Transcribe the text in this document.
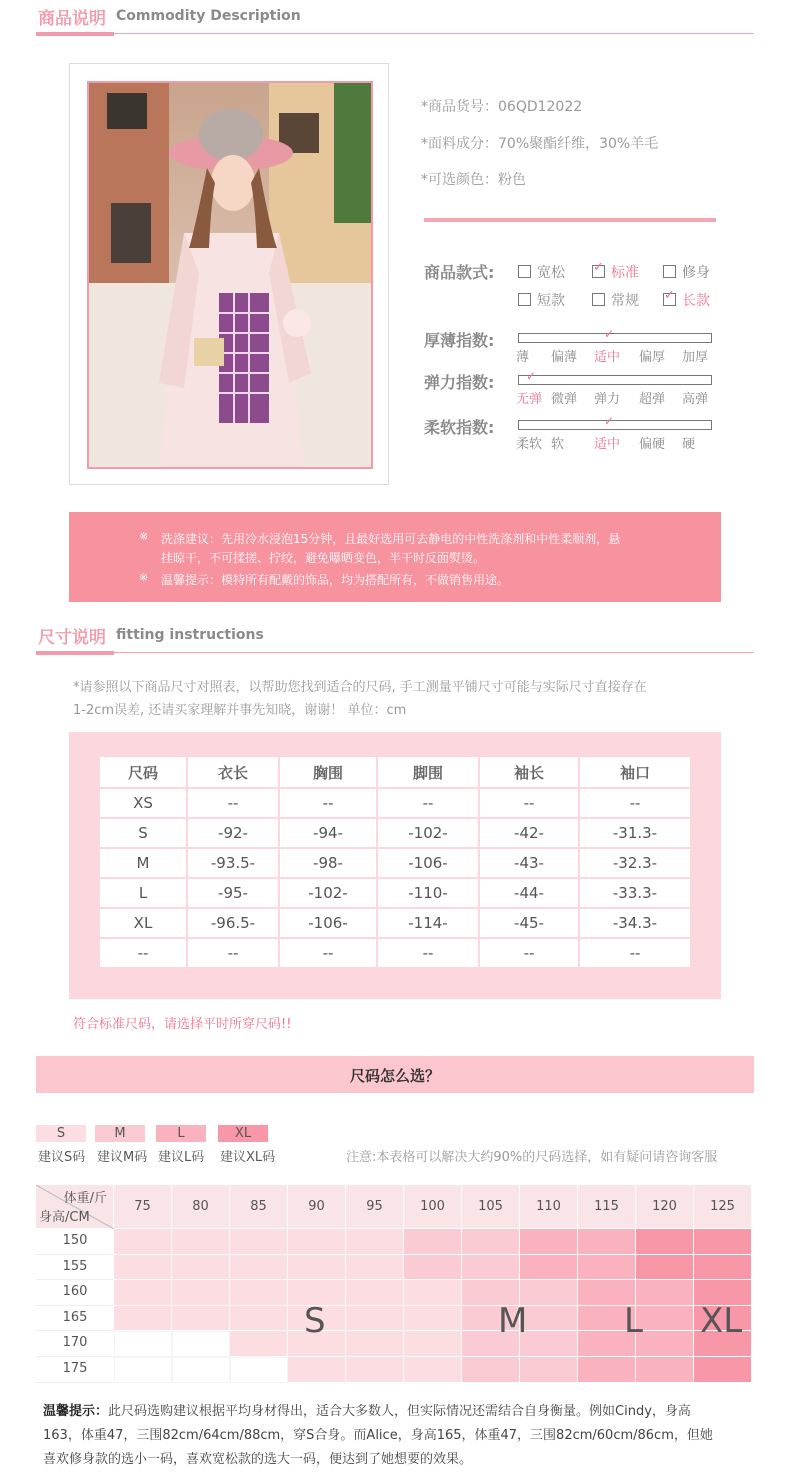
商品说明 Commodity Description
*商品货号：06QD12022
*面料成分：70%聚酯纤维，30%羊毛
*可选颜色：粉色
商品款式:	宽松 ✓	标准	修身
短款	常规 ✓	长款
厚薄指数:	✓
薄 偏薄 适中 偏厚 加厚
弹力指数:	✓
无弹 微弹 弹力 超弹 高弹
柔软指数:	✓
柔软 软 适中 偏硬 硬
※ 洗涤建议：先用冷水浸泡15分钟，且最好选用可去静电的中性洗涤剂和中性柔顺剂，悬
挂晾干，不可揉搓、拧绞，避免曝晒变色，半干时反面熨烫。
※ 温馨提示：模特所有配戴的饰品，均为搭配所有，不做销售用途。
尺寸说明 fitting instructions
*请参照以下商品尺寸对照表，以帮助您找到适合的尺码, 手工测量平铺尺寸可能与实际尺寸直接存在
1-2cm误差, 还请买家理解并事先知晓，谢谢！ 单位：cm
尺码	衣长	胸围	脚围	袖长	袖口
XS	--	--	--	--	--
S	-92-	-94-	-102-	-42-	-31.3-
M	-93.5-	-98-	-106-	-43-	-32.3-
L	-95-	-102-	-110-	-44-	-33.3-
XL	-96.5-	-106-	-114-	-45-	-34.3-
--	--	--	--	--	--
符合标准尺码，请选择平时所穿尺码!!
尺码怎么选？
S
建议S码
M
建议M码
L
建议L码
XL
建议XL码	注意:本表格可以解决大约90%的尺码选择，如有疑问请咨询客服
体重/斤
身高/CM
75	80	85	90	95	100	105	110	115	120	125
150
155
160
165
170
175
S	M	L XL
温馨提示：此尺码选购建议根据平均身材得出，适合大多数人，但实际情况还需结合自身衡量。例如Cindy，身高
163，体重47，三围82cm/64cm/88cm，穿S合身。而Alice，身高165，体重47，三围82cm/60cm/86cm，但她
喜欢修身款的选小一码，喜欢宽松款的选大一码，便达到了她想要的效果。
